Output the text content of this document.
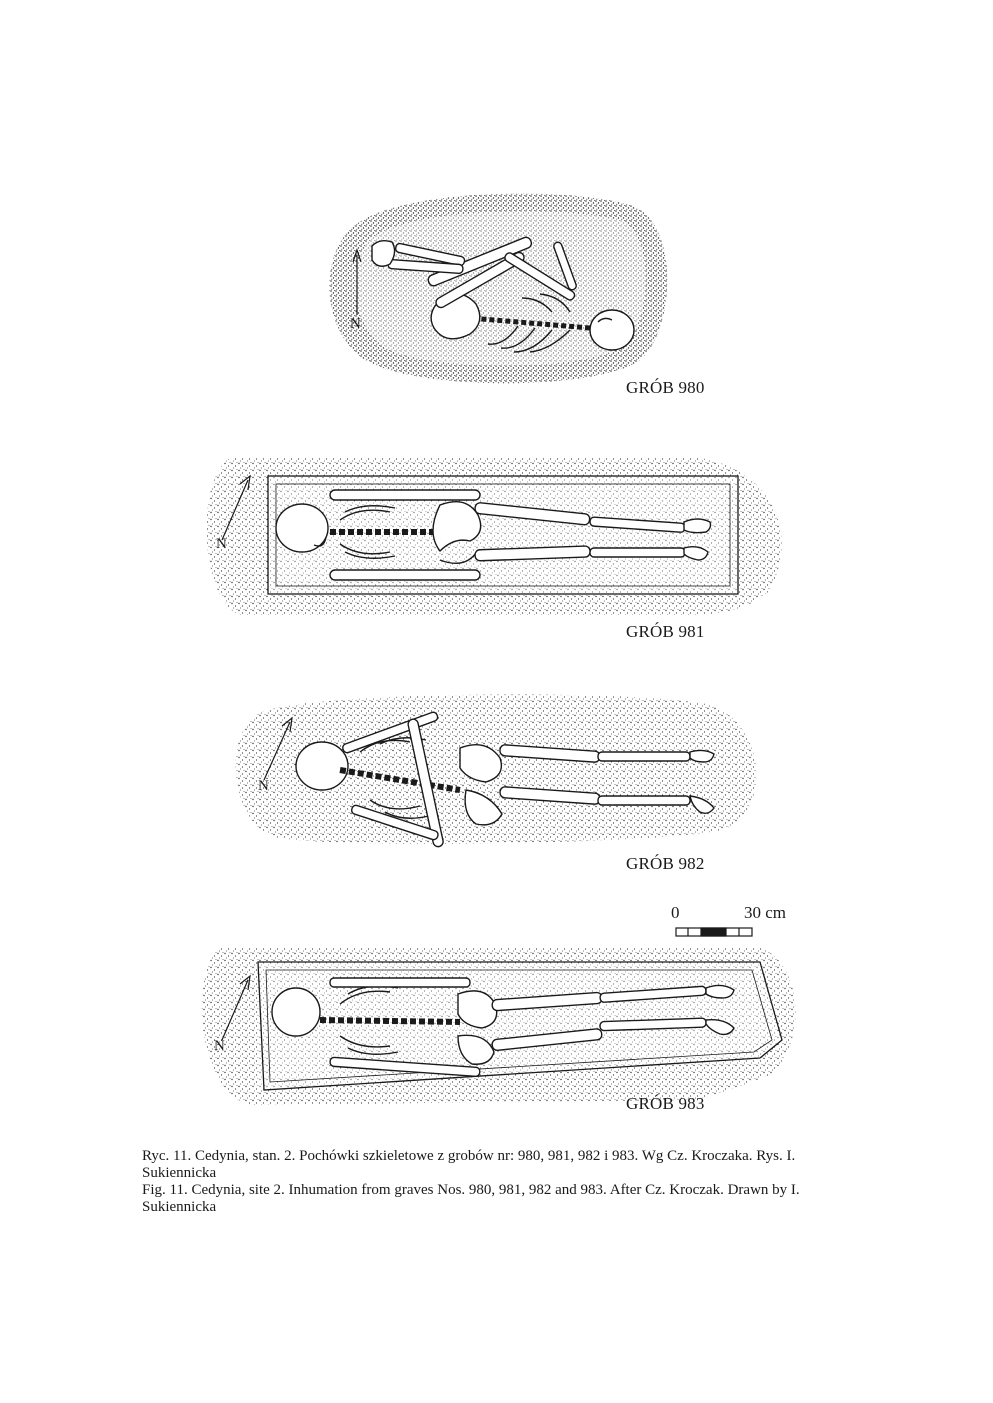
N
N
N
N
GRÓB 980
GRÓB 981
GRÓB 982
GRÓB 983
0	30 cm

Ryc. 11. Cedynia, stan. 2. Pochówki szkieletowe z grobów nr: 980, 981, 982 i 983. Wg Cz. Kroczaka. Rys. I. Sukiennicka

Fig. 11. Cedynia, site 2. Inhumation from graves Nos. 980, 981, 982 and 983. After Cz. Kroczak. Drawn by I. Sukiennicka
